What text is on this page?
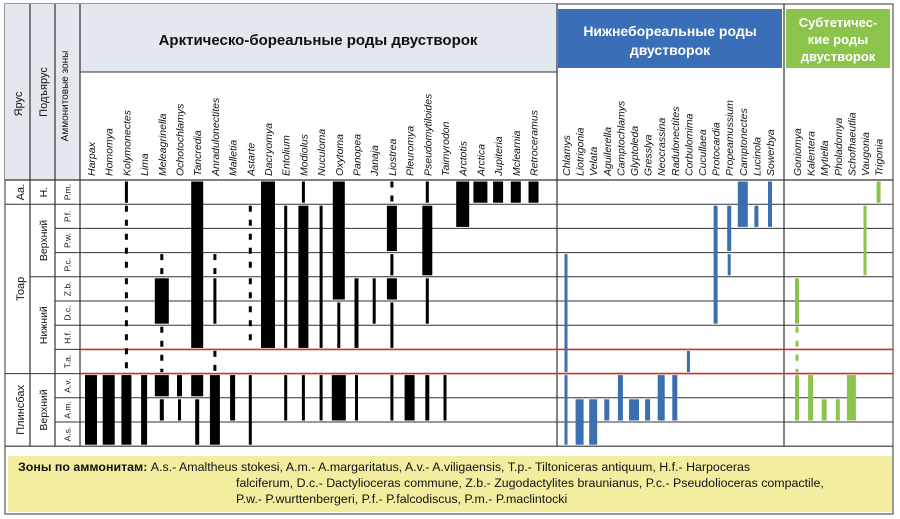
Арктическо-бореальные роды двустворок
Нижнебореальные роды
двустворок
Субтетичес-
кие роды
двустворок
Ярус Подъярус Аммонитовые зоны
Аа.
Тоар
Плинсбах
Н.
Верхний
Нижний
Верхний
P.m.
P.f.
P.w.
P.c.
Z.b.
D.c.
H.f.
T.a.
A.v.
A.m.
A.s.
Harpax Homomya Kolymonectes Lima Meleagrinella Ochotochlamys Tancredia Anradulonectites Malletia Astarte Dacryomya Entolium Modiolus Nuculoma Oxytoma Panopea Janaja Liostrea Pleuromya Pseudomytiloides Taimyrodon Arctotis Arctica Jupiteria Mclearnia Retroceramus Chlamys Liotrigonia Velata Aguilerella Camptochlamys Glyptoleda Gresslya Neocrassina Radulonectites Corbulomima Cucullaea Protocardia Propeamussium Camptonectes Lucinola Sowerbya Goniomya Kalentera Mytiella Pholadomya Schofhaeutlia Vaugonia Trigonia
Зоны по аммонитам: A.s.- Amaltheus stokesi, A.m.- A.margaritatus, A.v.- A.viligaensis, T.p.- Tiltoniceras antiquum, H.f.- Harpoceras
falciferum, D.c.- Dactylioceras commune, Z.b.- Zugodactylites braunianus, P.c.- Pseudolioceras compactile,
P.w.- P.wurttenbergeri, P.f.- P.falcodiscus, P.m.- P.maclintocki
